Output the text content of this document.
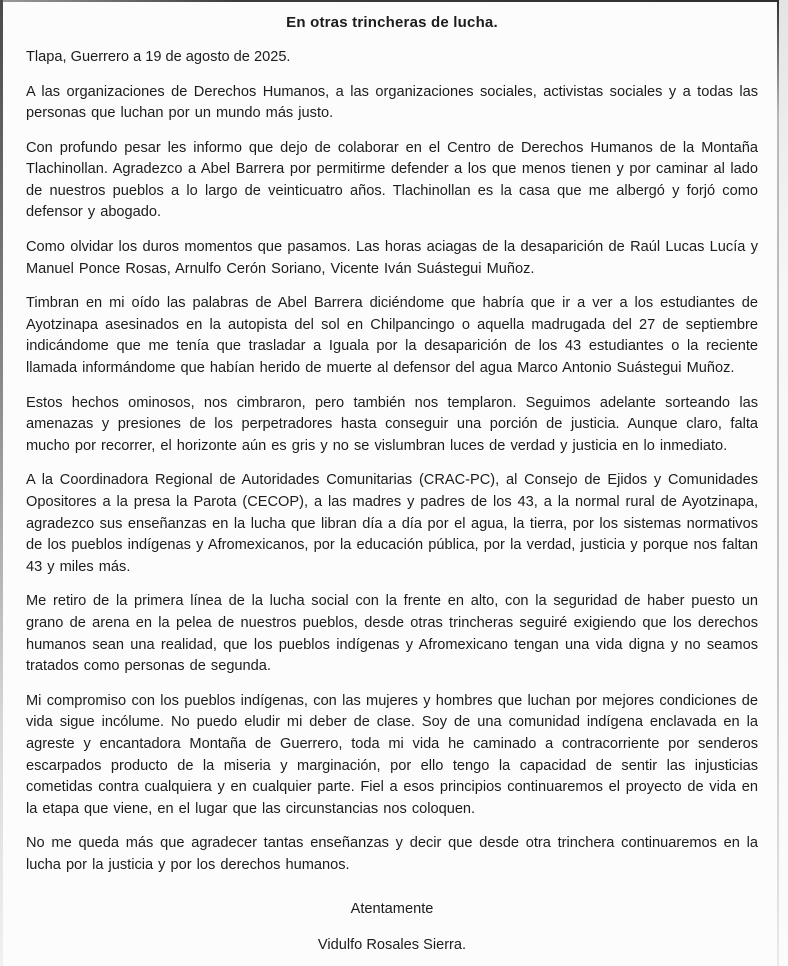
En otras trincheras de lucha.

Tlapa, Guerrero a 19 de agosto de 2025.

A las organizaciones de Derechos Humanos, a las organizaciones sociales, activistas sociales y a todas las personas que luchan por un mundo más justo.

Con profundo pesar les informo que dejo de colaborar en el Centro de Derechos Humanos de la Montaña Tlachinollan. Agradezco a Abel Barrera por permitirme defender a los que menos tienen y por caminar al lado de nuestros pueblos a lo largo de veinticuatro años. Tlachinollan es la casa que me albergó y forjó como defensor y abogado.

Como olvidar los duros momentos que pasamos. Las horas aciagas de la desaparición de Raúl Lucas Lucía y Manuel Ponce Rosas, Arnulfo Cerón Soriano, Vicente Iván Suástegui Muñoz.

Timbran en mi oído las palabras de Abel Barrera diciéndome que habría que ir a ver a los estudiantes de Ayotzinapa asesinados en la autopista del sol en Chilpancingo o aquella madrugada del 27 de septiembre indicándome que me tenía que trasladar a Iguala por la desaparición de los 43 estudiantes o la reciente llamada informándome que habían herido de muerte al defensor del agua Marco Antonio Suástegui Muñoz.

Estos hechos ominosos, nos cimbraron, pero también nos templaron. Seguimos adelante sorteando las amenazas y presiones de los perpetradores hasta conseguir una porción de justicia. Aunque claro, falta mucho por recorrer, el horizonte aún es gris y no se vislumbran luces de verdad y justicia en lo inmediato.

A la Coordinadora Regional de Autoridades Comunitarias (CRAC-PC), al Consejo de Ejidos y Comunidades Opositores a la presa la Parota (CECOP), a las madres y padres de los 43, a la normal rural de Ayotzinapa, agradezco sus enseñanzas en la lucha que libran día a día por el agua, la tierra, por los sistemas normativos de los pueblos indígenas y Afromexicanos, por la educación pública, por la verdad, justicia y porque nos faltan 43 y miles más.

Me retiro de la primera línea de la lucha social con la frente en alto, con la seguridad de haber puesto un grano de arena en la pelea de nuestros pueblos, desde otras trincheras seguiré exigiendo que los derechos humanos sean una realidad, que los pueblos indígenas y Afromexicano tengan una vida digna y no seamos tratados como personas de segunda.

Mi compromiso con los pueblos indígenas, con las mujeres y hombres que luchan por mejores condiciones de vida sigue incólume. No puedo eludir mi deber de clase. Soy de una comunidad indígena enclavada en la agreste y encantadora Montaña de Guerrero, toda mi vida he caminado a contracorriente por senderos escarpados producto de la miseria y marginación, por ello tengo la capacidad de sentir las injusticias cometidas contra cualquiera y en cualquier parte. Fiel a esos principios continuaremos el proyecto de vida en la etapa que viene, en el lugar que las circunstancias nos coloquen.

No me queda más que agradecer tantas enseñanzas y decir que desde otra trinchera continuaremos en la lucha por la justicia y por los derechos humanos.

Atentamente
Vidulfo Rosales Sierra.
